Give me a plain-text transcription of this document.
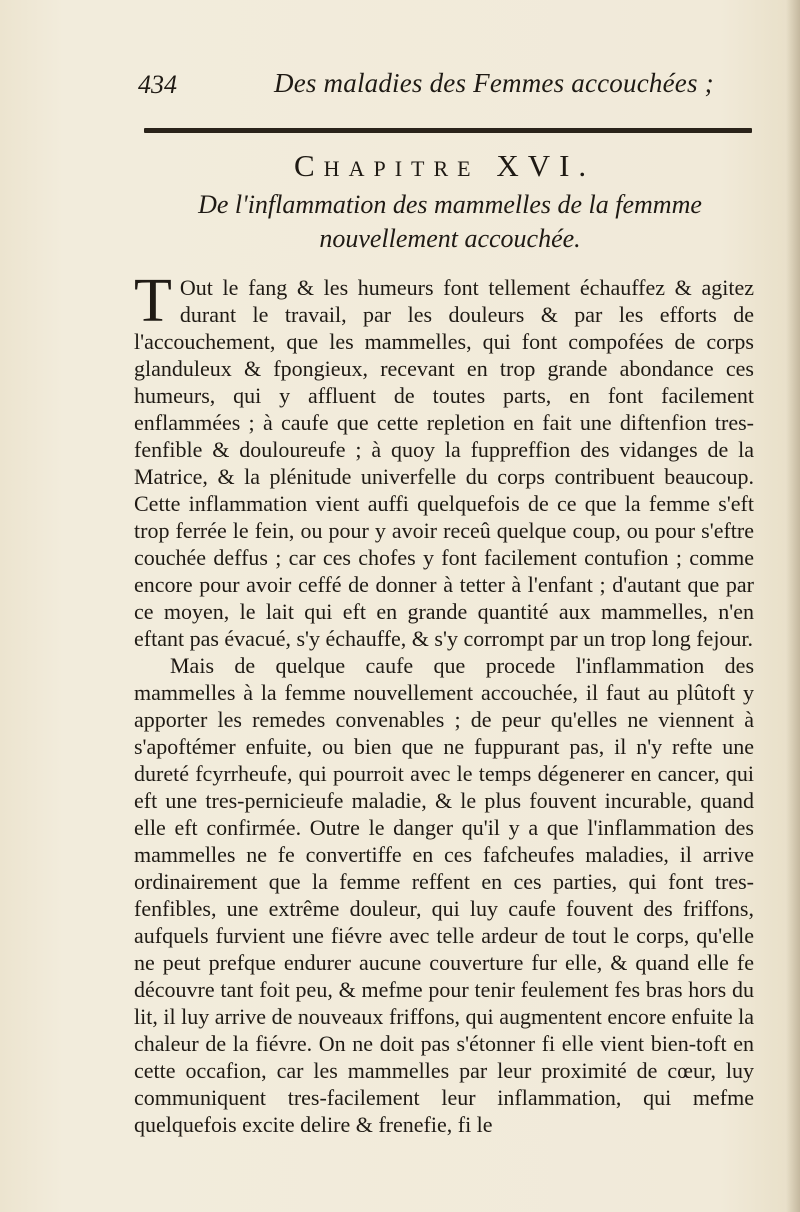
434	Des maladies des Femmes accouchées ;
Chapitre XVI.
De l'inflammation des mammelles de la femmme nouvellement accouchée.

T Out le fang & les humeurs font tellement échauffez & agitez durant le travail, par les douleurs & par les efforts de l'accouchement, que les mammelles, qui font compofées de corps glanduleux & fpongieux, recevant en trop grande abondance ces humeurs, qui y affluent de toutes parts, en font facilement enflammées ; à caufe que cette repletion en fait une diftenfion tres-fenfible & douloureufe ; à quoy la fuppreffion des vidanges de la Matrice, & la plénitude univerfelle du corps contribuent beaucoup. Cette inflammation vient auffi quelquefois de ce que la femme s'eft trop ferrée le fein, ou pour y avoir receû quelque coup, ou pour s'eftre couchée deffus ; car ces chofes y font facilement contufion ; comme encore pour avoir ceffé de donner à tetter à l'enfant ; d'autant que par ce moyen, le lait qui eft en grande quantité aux mammelles, n'en eftant pas évacué, s'y échauffe, & s'y corrompt par un trop long fejour.

Mais de quelque caufe que procede l'inflammation des mammelles à la femme nouvellement accouchée, il faut au plûtoft y apporter les remedes convenables ; de peur qu'elles ne viennent à s'apoftémer enfuite, ou bien que ne fuppurant pas, il n'y refte une dureté fcyrrheufe, qui pourroit avec le temps dégenerer en cancer, qui eft une tres-pernicieufe maladie, & le plus fouvent incurable, quand elle eft confirmée. Outre le danger qu'il y a que l'inflammation des mammelles ne fe convertiffe en ces fafcheufes maladies, il arrive ordinairement que la femme reffent en ces parties, qui font tres-fenfibles, une extrême douleur, qui luy caufe fouvent des friffons, aufquels furvient une fiévre avec telle ardeur de tout le corps, qu'elle ne peut prefque endurer aucune couverture fur elle, & quand elle fe découvre tant foit peu, & mefme pour tenir feulement fes bras hors du lit, il luy arrive de nouveaux friffons, qui augmentent encore enfuite la chaleur de la fiévre. On ne doit pas s'étonner fi elle vient bien-toft en cette occafion, car les mammelles par leur proximité de cœur, luy communiquent tres-facilement leur inflammation, qui mefme quelquefois excite delire & frenefie, fi le
